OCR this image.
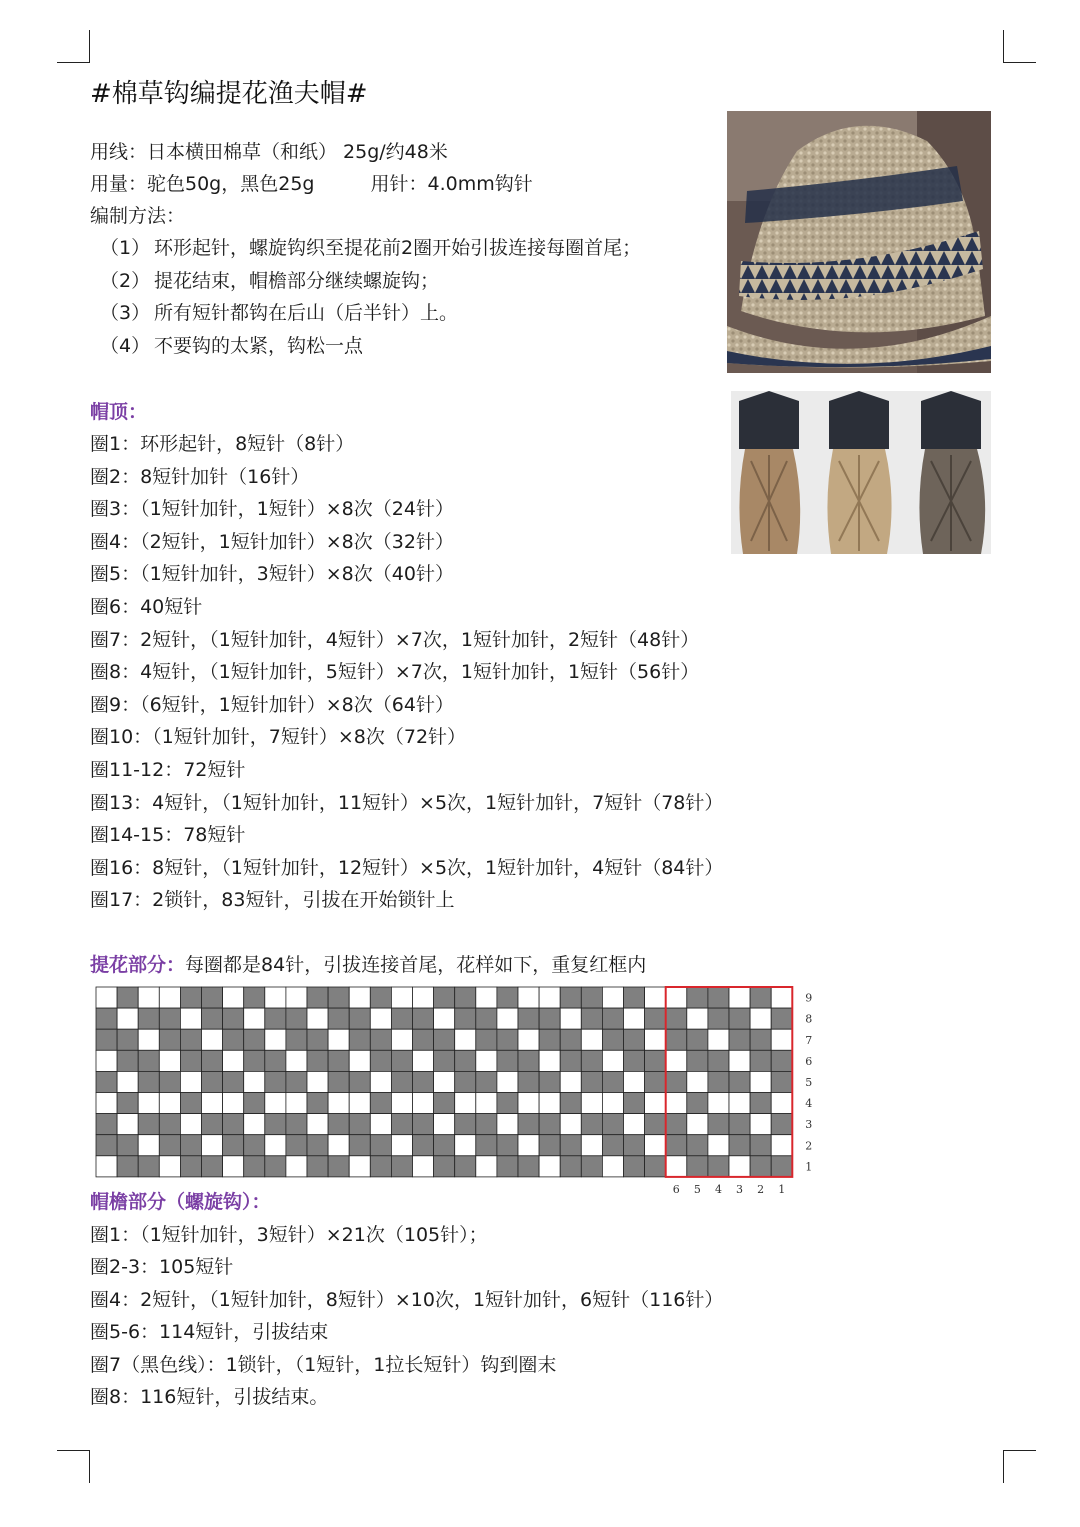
#棉草钩编提花渔夫帽#
用线：日本横田棉草（和纸） 25g/约48米
用量：驼色50g，黑色25g	用针：4.0mm钩针
编制方法：
（1） 环形起针，螺旋钩织至提花前2圈开始引拔连接每圈首尾；
（2） 提花结束，帽檐部分继续螺旋钩；
（3） 所有短针都钩在后山（后半针）上。
（4） 不要钩的太紧，钩松一点
帽顶：
圈1：环形起针，8短针（8针）
圈2：8短针加针（16针）
圈3：（1短针加针，1短针）×8次（24针）
圈4：（2短针，1短针加针）×8次（32针）
圈5：（1短针加针，3短针）×8次（40针）
圈6：40短针
圈7：2短针，（1短针加针，4短针）×7次，1短针加针，2短针（48针）
圈8：4短针，（1短针加针，5短针）×7次，1短针加针，1短针（56针）
圈9：（6短针，1短针加针）×8次（64针）
圈10：（1短针加针，7短针）×8次（72针）
圈11-12：72短针
圈13：4短针，（1短针加针，11短针）×5次，1短针加针，7短针（78针）
圈14-15：78短针
圈16：8短针，（1短针加针，12短针）×5次，1短针加针，4短针（84针）
圈17：2锁针，83短针，引拔在开始锁针上
提花部分：每圈都是84针，引拔连接首尾，花样如下，重复红框内
9
8
7
6
5
4
3
2
1
6 5 4 3 2 1
帽檐部分（螺旋钩）：
圈1：（1短针加针，3短针）×21次（105针）；
圈2-3：105短针
圈4：2短针，（1短针加针，8短针）×10次，1短针加针，6短针（116针）
圈5-6：114短针，引拔结束
圈7（黑色线）：1锁针，（1短针，1拉长短针）钩到圈末
圈8：116短针，引拔结束。
